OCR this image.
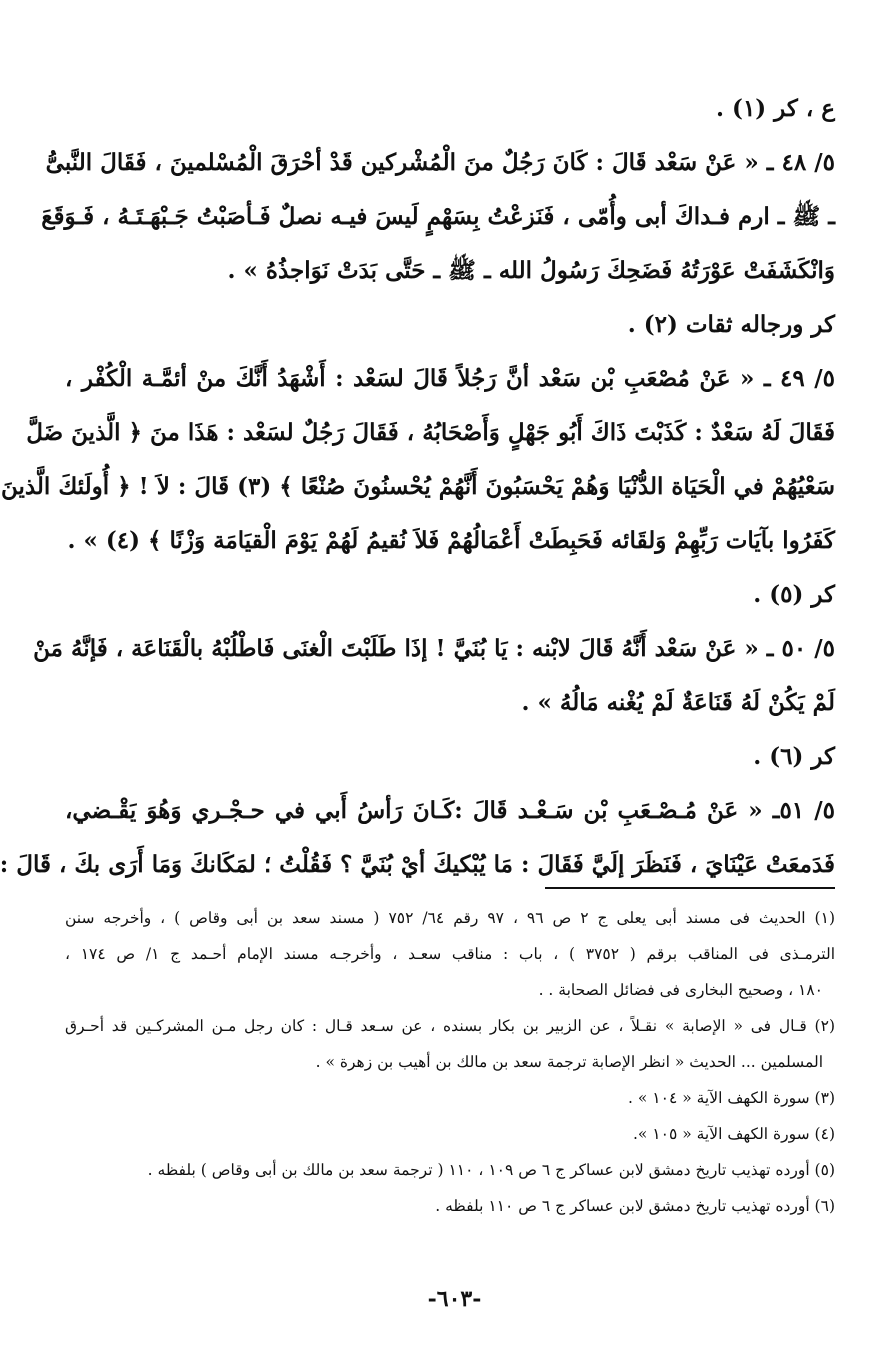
ع ، كر (١) .
٥/ ٤٨ ـ « عَنْ سَعْد قَالَ : كَانَ رَجُلٌ منَ الْمُشْركين قَدْ أحْرَقَ الْمُسْلمينَ ، فَقَالَ النَّبىُّ
ـ ﷺ ـ ارم فـداكَ أبى وأُمّى ، فَنَزعْتُ بِسَهْمٍ لَيسَ فيـه نصلٌ فَـأصَبْتُ جَـبْهَـتَـهُ ، فَـوَقَعَ
وَانْكَشَفَتْ عَوْرَتُهُ فَضَحِكَ رَسُولُ الله ـ ﷺ ـ حَتَّى بَدَتْ نَوَاجذُهُ » .
كر ورجاله ثقات (٢) .
٥/ ٤٩ ـ « عَنْ مُصْعَبِ بْن سَعْد أنَّ رَجُلاً قَالَ لسَعْد : أَشْهَدُ أَنَّكَ منْ أئمَّـة الْكُفْر ،
فَقَالَ لَهُ سَعْدٌ : كَذَبْتَ ذَاكَ أَبُو جَهْلٍ وَأَصْحَابُهُ ، فَقَالَ رَجُلٌ لسَعْد : هَذَا منَ ﴿ الَّذينَ ضَلَّ
سَعْيُهُمْ في الْحَيَاة الدُّنْيَا وَهُمْ يَحْسَبُونَ أَنَّهُمْ يُحْسنُونَ صُنْعًا ﴾ (٣) قَالَ : لاَ ! ﴿ أُولَئكَ الَّذينَ
كَفَرُوا بآيَات رَبِّهِمْ وَلقَائه فَحَبِطَتْ أَعْمَالُهُمْ فَلاَ نُقيمُ لَهُمْ يَوْمَ الْقيَامَة وَزْنًا ﴾ (٤) » .
كر (٥) .
٥/ ٥٠ ـ « عَنْ سَعْد أَنَّهُ قَالَ لابْنه : يَا بُنَيَّ ! إذَا طَلَبْتَ الْغنَى فَاطْلُبْهُ بالْقَنَاعَة ، فَإنَّهُ مَنْ
لَمْ يَكُنْ لَهُ قَنَاعَةٌ لَمْ يُغْنه مَالُهُ » .
كر (٦) .
٥/ ٥١ـ « عَنْ مُـصْـعَبِ بْن سَـعْـد قَالَ :كَـانَ رَأسُ أَبي في حـجْـري وَهُوَ يَقْـضي،
فَدَمعَتْ عَيْنَايَ ، فَنَظَرَ إلَيَّ فَقَالَ : مَا يُبْكيكَ أيْ بُنَيَّ ؟ فَقُلْتُ ؛ لمَكَانكَ وَمَا أَرَى بكَ ، قَالَ :
(١) الحديث فى مسند أبى يعلى ج ٢ ص ٩٦ ، ٩٧ رقم ٦٤/ ٧٥٢ ( مسند سعد بن أبى وقاص ) ، وأخرجه سنن
الترمـذى فى المناقب برقم ( ٣٧٥٢ ) ، باب : مناقب سعـد ، وأخرجـه مسند الإمام أحـمد ج ١/ ص ١٧٤ ،
١٨٠ ، وصحيح البخارى فى فضائل الصحابة . .
(٢) قـال فى « الإصابة » نقـلاً ، عن الزبير بن بكار بسنده ، عن سـعد قـال : كان رجل مـن المشركـين قد أحـرق
المسلمين ... الحديث « انظر الإصابة ترجمة سعد بن مالك بن أهيب بن زهرة » .
(٣) سورة الكهف الآية « ١٠٤ » .
(٤) سورة الكهف الآية « ١٠٥ ».
(٥) أورده تهذيب تاريخ دمشق لابن عساكر ج ٦ ص ١٠٩ ، ١١٠ ( ترجمة سعد بن مالك بن أبى وقاص ) بلفظه .
(٦) أورده تهذيب تاريخ دمشق لابن عساكر ج ٦ ص ١١٠ بلفظه .
-٦٠٣-
